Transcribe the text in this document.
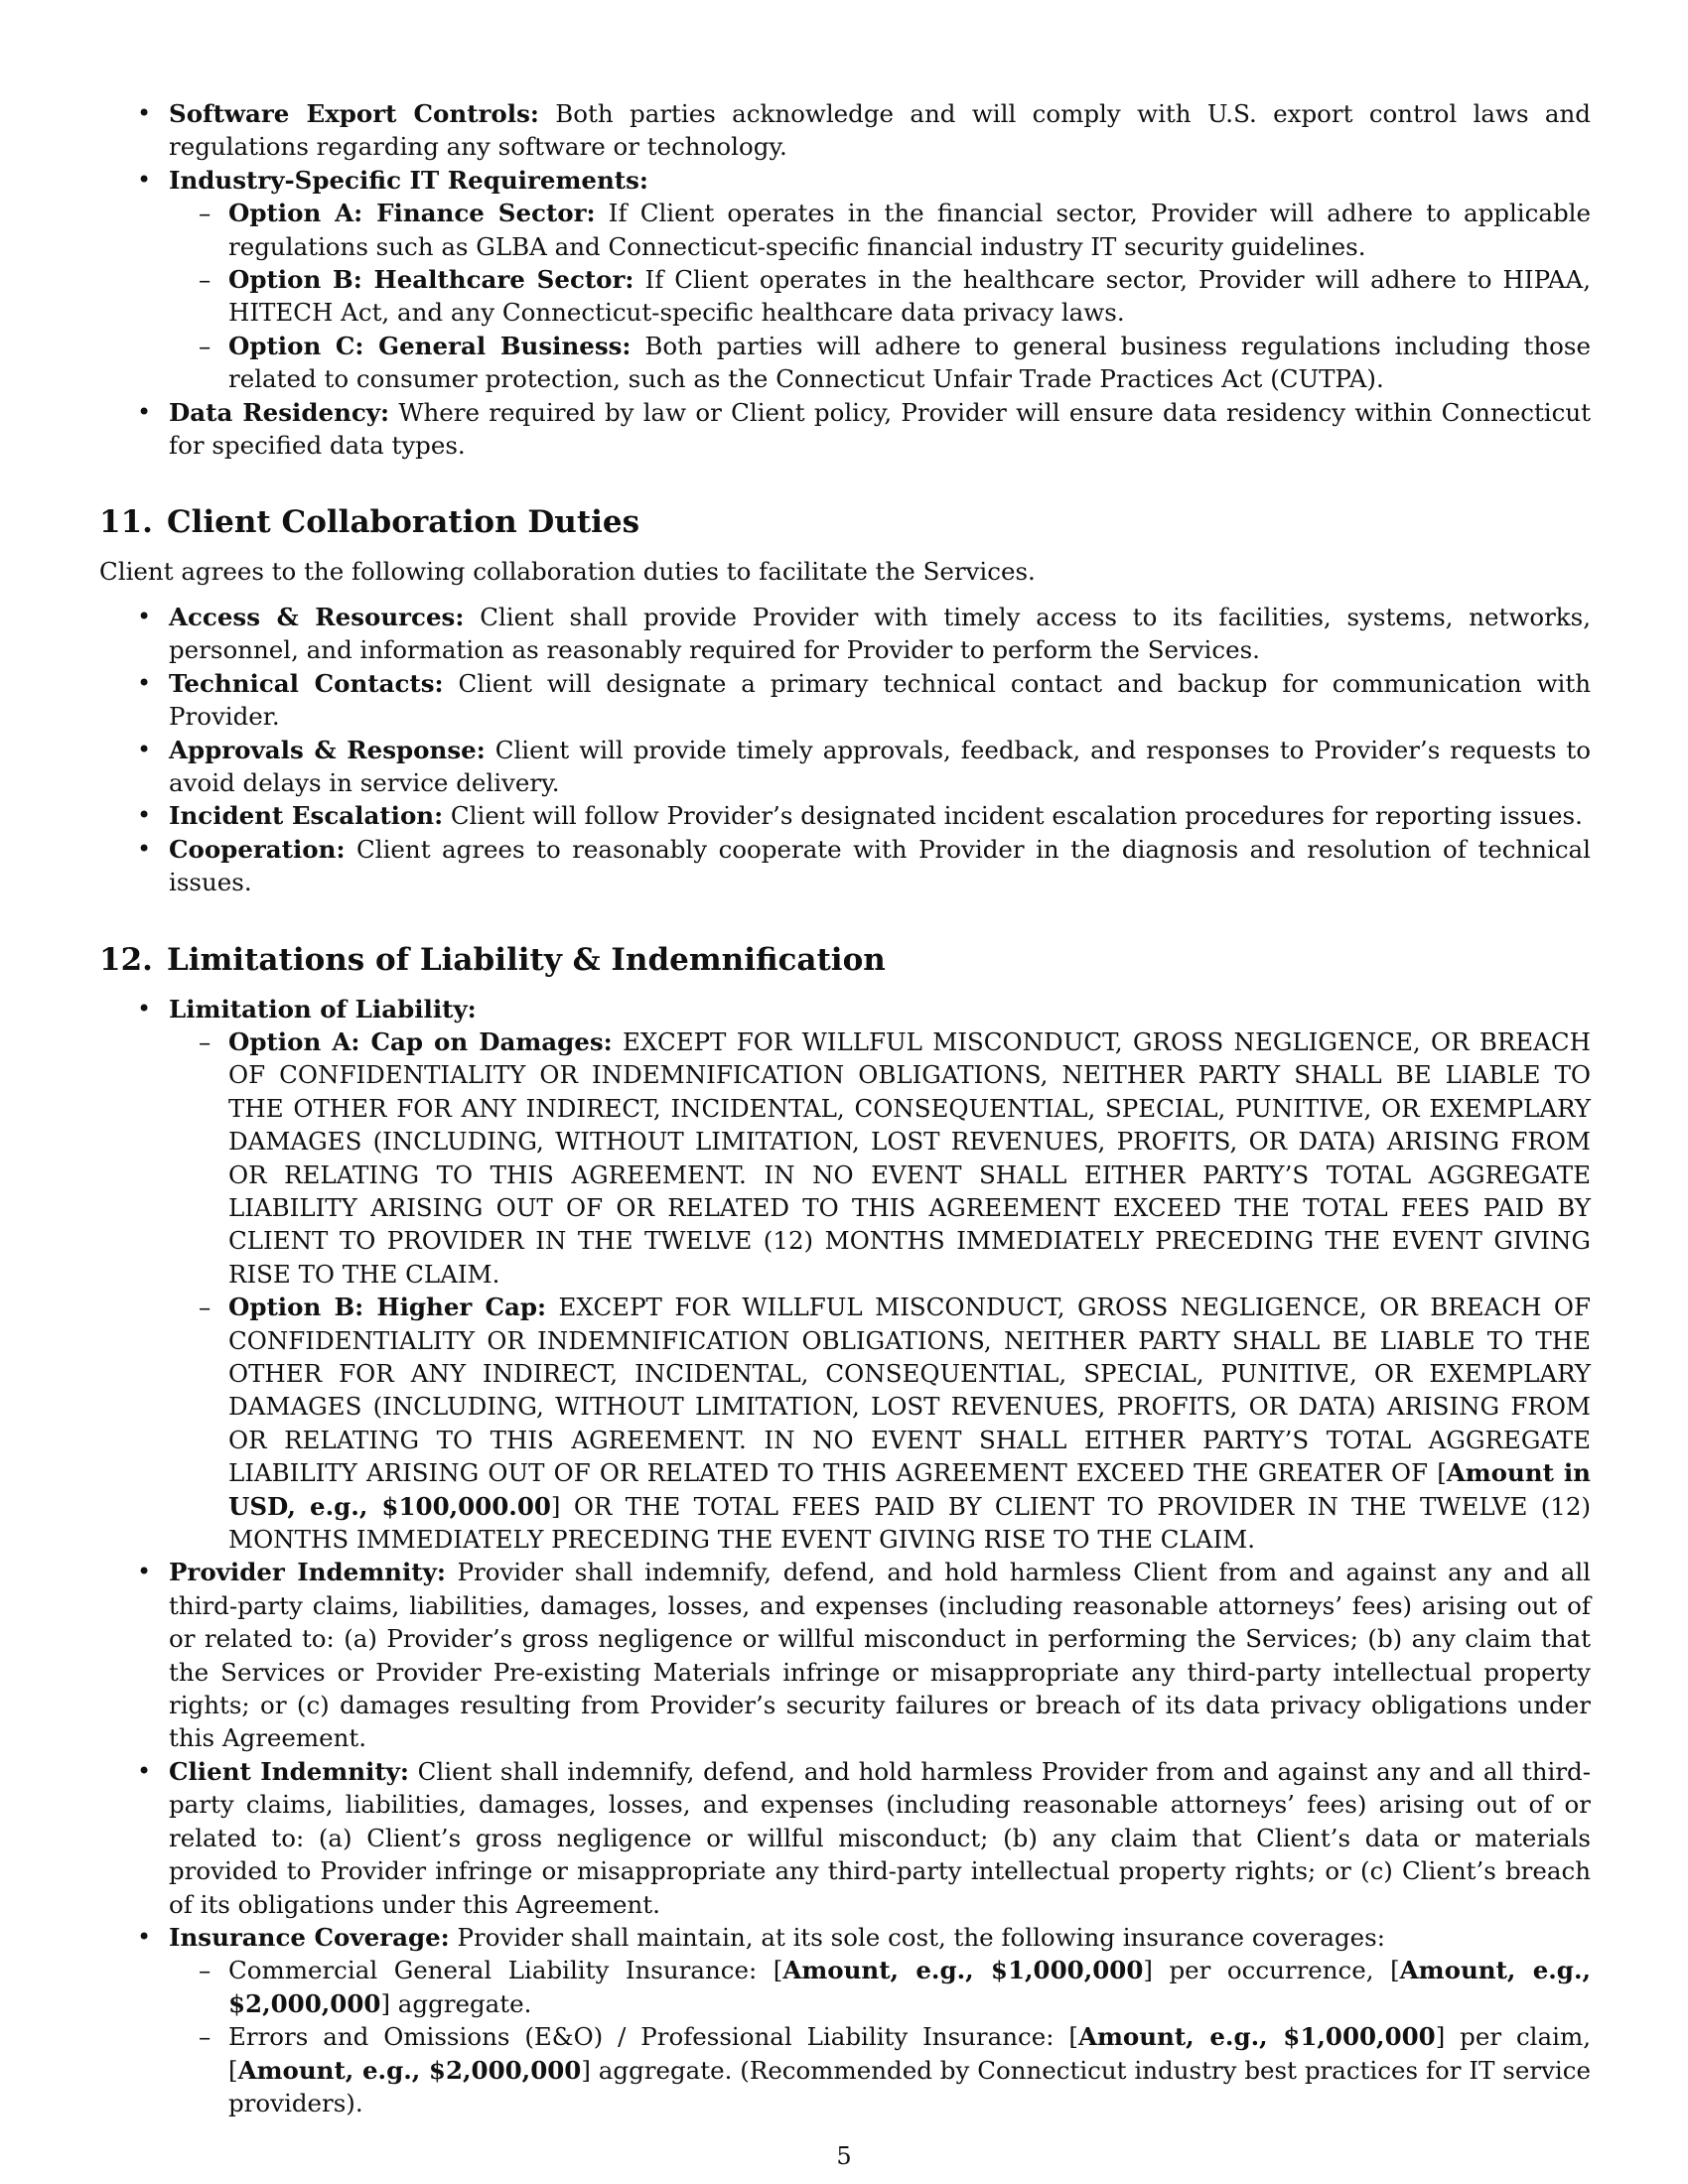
• Software Export Controls: Both parties acknowledge and will comply with U.S. export control laws and regulations regarding any software or technology.
• Industry-Specific IT Requirements:
– Option A: Finance Sector: If Client operates in the financial sector, Provider will adhere to applicable regulations such as GLBA and Connecticut-specific financial industry IT security guidelines.
– Option B: Healthcare Sector: If Client operates in the healthcare sector, Provider will adhere to HIPAA, HITECH Act, and any Connecticut-specific healthcare data privacy laws.
– Option C: General Business: Both parties will adhere to general business regulations including those related to consumer protection, such as the Connecticut Unfair Trade Practices Act (CUTPA).
• Data Residency: Where required by law or Client policy, Provider will ensure data residency within Connecticut for specified data types.
11. Client Collaboration Duties

Client agrees to the following collaboration duties to facilitate the Services.

• Access & Resources: Client shall provide Provider with timely access to its facilities, systems, networks, personnel, and information as reasonably required for Provider to perform the Services.
• Technical Contacts: Client will designate a primary technical contact and backup for communication with Provider.
• Approvals & Response: Client will provide timely approvals, feedback, and responses to Provider’s requests to avoid delays in service delivery.
• Incident Escalation: Client will follow Provider’s designated incident escalation procedures for reporting issues.
• Cooperation: Client agrees to reasonably cooperate with Provider in the diagnosis and resolution of technical issues.
12. Limitations of Liability & Indemnification
• Limitation of Liability:
– Option A: Cap on Damages: EXCEPT FOR WILLFUL MISCONDUCT, GROSS NEGLIGENCE, OR BREACH OF CONFIDENTIALITY OR INDEMNIFICATION OBLIGATIONS, NEITHER PARTY SHALL BE LIABLE TO THE OTHER FOR ANY INDIRECT, INCIDENTAL, CONSEQUENTIAL, SPECIAL, PUNITIVE, OR EXEMPLARY DAMAGES (INCLUDING, WITHOUT LIMITATION, LOST REVENUES, PROFITS, OR DATA) ARISING FROM OR RELATING TO THIS AGREEMENT. IN NO EVENT SHALL EITHER PARTY’S TOTAL AGGREGATE LIABILITY ARISING OUT OF OR RELATED TO THIS AGREEMENT EXCEED THE TOTAL FEES PAID BY CLIENT TO PROVIDER IN THE TWELVE (12) MONTHS IMMEDIATELY PRECEDING THE EVENT GIVING RISE TO THE CLAIM.
– Option B: Higher Cap: EXCEPT FOR WILLFUL MISCONDUCT, GROSS NEGLIGENCE, OR BREACH OF CONFIDENTIALITY OR INDEMNIFICATION OBLIGATIONS, NEITHER PARTY SHALL BE LIABLE TO THE OTHER FOR ANY INDIRECT, INCIDENTAL, CONSEQUENTIAL, SPECIAL, PUNITIVE, OR EXEMPLARY DAMAGES (INCLUDING, WITHOUT LIMITATION, LOST REVENUES, PROFITS, OR DATA) ARISING FROM OR RELATING TO THIS AGREEMENT. IN NO EVENT SHALL EITHER PARTY’S TOTAL AGGREGATE LIABILITY ARISING OUT OF OR RELATED TO THIS AGREEMENT EXCEED THE GREATER OF [Amount in USD, e.g., $100,000.00] OR THE TOTAL FEES PAID BY CLIENT TO PROVIDER IN THE TWELVE (12) MONTHS IMMEDIATELY PRECEDING THE EVENT GIVING RISE TO THE CLAIM.
• Provider Indemnity: Provider shall indemnify, defend, and hold harmless Client from and against any and all third-party claims, liabilities, damages, losses, and expenses (including reasonable attorneys’ fees) arising out of or related to: (a) Provider’s gross negligence or willful misconduct in performing the Services; (b) any claim that the Services or Provider Pre-existing Materials infringe or misappropriate any third-party intellectual property rights; or (c) damages resulting from Provider’s security failures or breach of its data privacy obligations under this Agreement.
• Client Indemnity: Client shall indemnify, defend, and hold harmless Provider from and against any and all third-party claims, liabilities, damages, losses, and expenses (including reasonable attorneys’ fees) arising out of or related to: (a) Client’s gross negligence or willful misconduct; (b) any claim that Client’s data or materials provided to Provider infringe or misappropriate any third-party intellectual property rights; or (c) Client’s breach of its obligations under this Agreement.
• Insurance Coverage: Provider shall maintain, at its sole cost, the following insurance coverages:
– Commercial General Liability Insurance: [Amount, e.g., $1,000,000] per occurrence, [Amount, e.g., $2,000,000] aggregate.
– Errors and Omissions (E&O) / Professional Liability Insurance: [Amount, e.g., $1,000,000] per claim, [Amount, e.g., $2,000,000] aggregate. (Recommended by Connecticut industry best practices for IT service providers).
5
